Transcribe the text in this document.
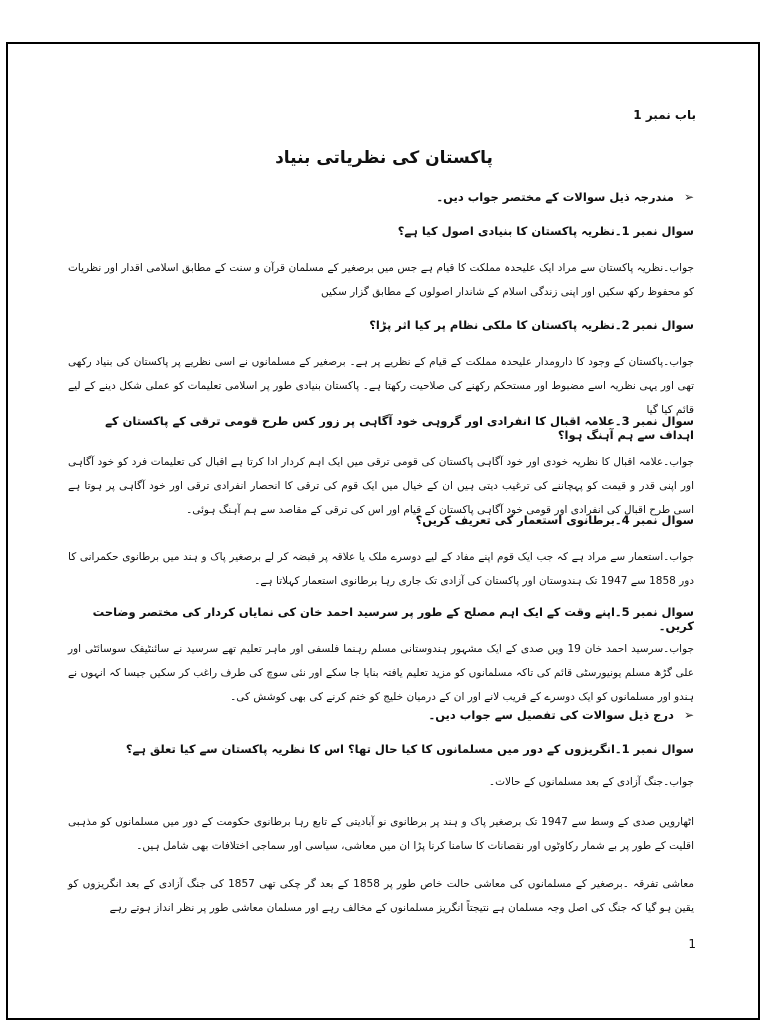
باب نمبر 1
پاکستان کی نظریاتی بنیاد
➢مندرجہ ذیل سوالات کے مختصر جواب دیں۔
سوال نمبر 1۔نظریہ پاکستان کا بنیادی اصول کیا ہے؟
جواب۔نظریہ پاکستان سے مراد ایک علیحدہ مملکت کا قیام ہے جس میں برصغیر کے مسلمان قرآن و سنت کے مطابق اسلامی اقدار اور نظریات کو محفوظ رکھ سکیں اور اپنی زندگی اسلام کے شاندار اصولوں کے مطابق گزار سکیں
سوال نمبر 2۔نظریہ پاکستان کا ملکی نظام پر کیا اثر پڑا؟
جواب۔پاکستان کے وجود کا دارومدار علیحدہ مملکت کے قیام کے نظریے پر ہے۔ برصغیر کے مسلمانوں نے اسی نظریے پر پاکستان کی بنیاد رکھی تھی اور یہی نظریہ اسے مضبوط اور مستحکم رکھنے کی صلاحیت رکھتا ہے۔ پاکستان بنیادی طور پر اسلامی تعلیمات کو عملی شکل دینے کے لیے قائم کیا گیا
سوال نمبر 3۔علامہ اقبال کا انفرادی اور گروہی خود آگاہی پر زور کس طرح قومی ترقی کے پاکستان کے اہداف سے ہم آہنگ ہوا؟
جواب۔علامہ اقبال کا نظریہ خودی اور خود آگاہی پاکستان کی قومی ترقی میں ایک اہم کردار ادا کرتا ہے اقبال کی تعلیمات فرد کو خود آگاہی اور اپنی قدر و قیمت کو پہچاننے کی ترغیب دیتی ہیں ان کے خیال میں ایک قوم کی ترقی کا انحصار انفرادی ترقی اور خود آگاہی پر ہوتا ہے اسی طرح اقبال کی انفرادی اور قومی خود آگاہی پاکستان کے قیام اور اس کی ترقی کے مقاصد سے ہم آہنگ ہوئی۔
سوال نمبر 4۔برطانوی استعمار کی تعریف کریں؟
جواب۔استعمار سے مراد ہے کہ جب ایک قوم اپنے مفاد کے لیے دوسرے ملک یا علاقہ پر قبضہ کر لے برصغیر پاک و ہند میں برطانوی حکمرانی کا دور 1858 سے 1947 تک ہندوستان اور پاکستان کی آزادی تک جاری رہا برطانوی استعمار کہلاتا ہے۔
سوال نمبر 5۔اپنے وقت کے ایک اہم مصلح کے طور پر سرسید احمد خان کی نمایاں کردار کی مختصر وضاحت کریں۔
جواب۔سرسید احمد خان 19 ویں صدی کے ایک مشہور ہندوستانی مسلم رہنما فلسفی اور ماہر تعلیم تھے سرسید نے سائنٹیفک سوسائٹی اور علی گڑھ مسلم یونیورسٹی قائم کی تاکہ مسلمانوں کو مزید تعلیم یافتہ بنایا جا سکے اور نئی سوچ کی طرف راغب کر سکیں جیسا کہ انہوں نے ہندو اور مسلمانوں کو ایک دوسرے کے قریب لانے اور ان کے درمیان خلیج کو ختم کرنے کی بھی کوشش کی۔
➢درج ذیل سوالات کی تفصیل سے جواب دیں۔
سوال نمبر 1۔انگریزوں کے دور میں مسلمانوں کا کیا حال تھا؟ اس کا نظریہ پاکستان سے کیا تعلق ہے؟
جواب۔جنگ آزادی کے بعد مسلمانوں کے حالات۔
اٹھارویں صدی کے وسط سے 1947 تک برصغیر پاک و ہند پر برطانوی نو آبادیتی کے تابع رہا برطانوی حکومت کے دور میں مسلمانوں کو مذہبی اقلیت کے طور پر بے شمار رکاوٹوں اور نقصانات کا سامنا کرنا پڑا ان میں معاشی، سیاسی اور سماجی اختلافات بھی شامل ہیں۔
معاشی تفرقہ ۔برصغیر کے مسلمانوں کی معاشی حالت خاص طور پر 1858 کے بعد گر چکی تھی 1857 کی جنگ آزادی کے بعد انگریزوں کو یقین ہو گیا کہ جنگ کی اصل وجہ مسلمان ہے نتیجتاً انگریز مسلمانوں کے مخالف رہے اور مسلمان معاشی طور پر نظر انداز ہوتے رہے
1
